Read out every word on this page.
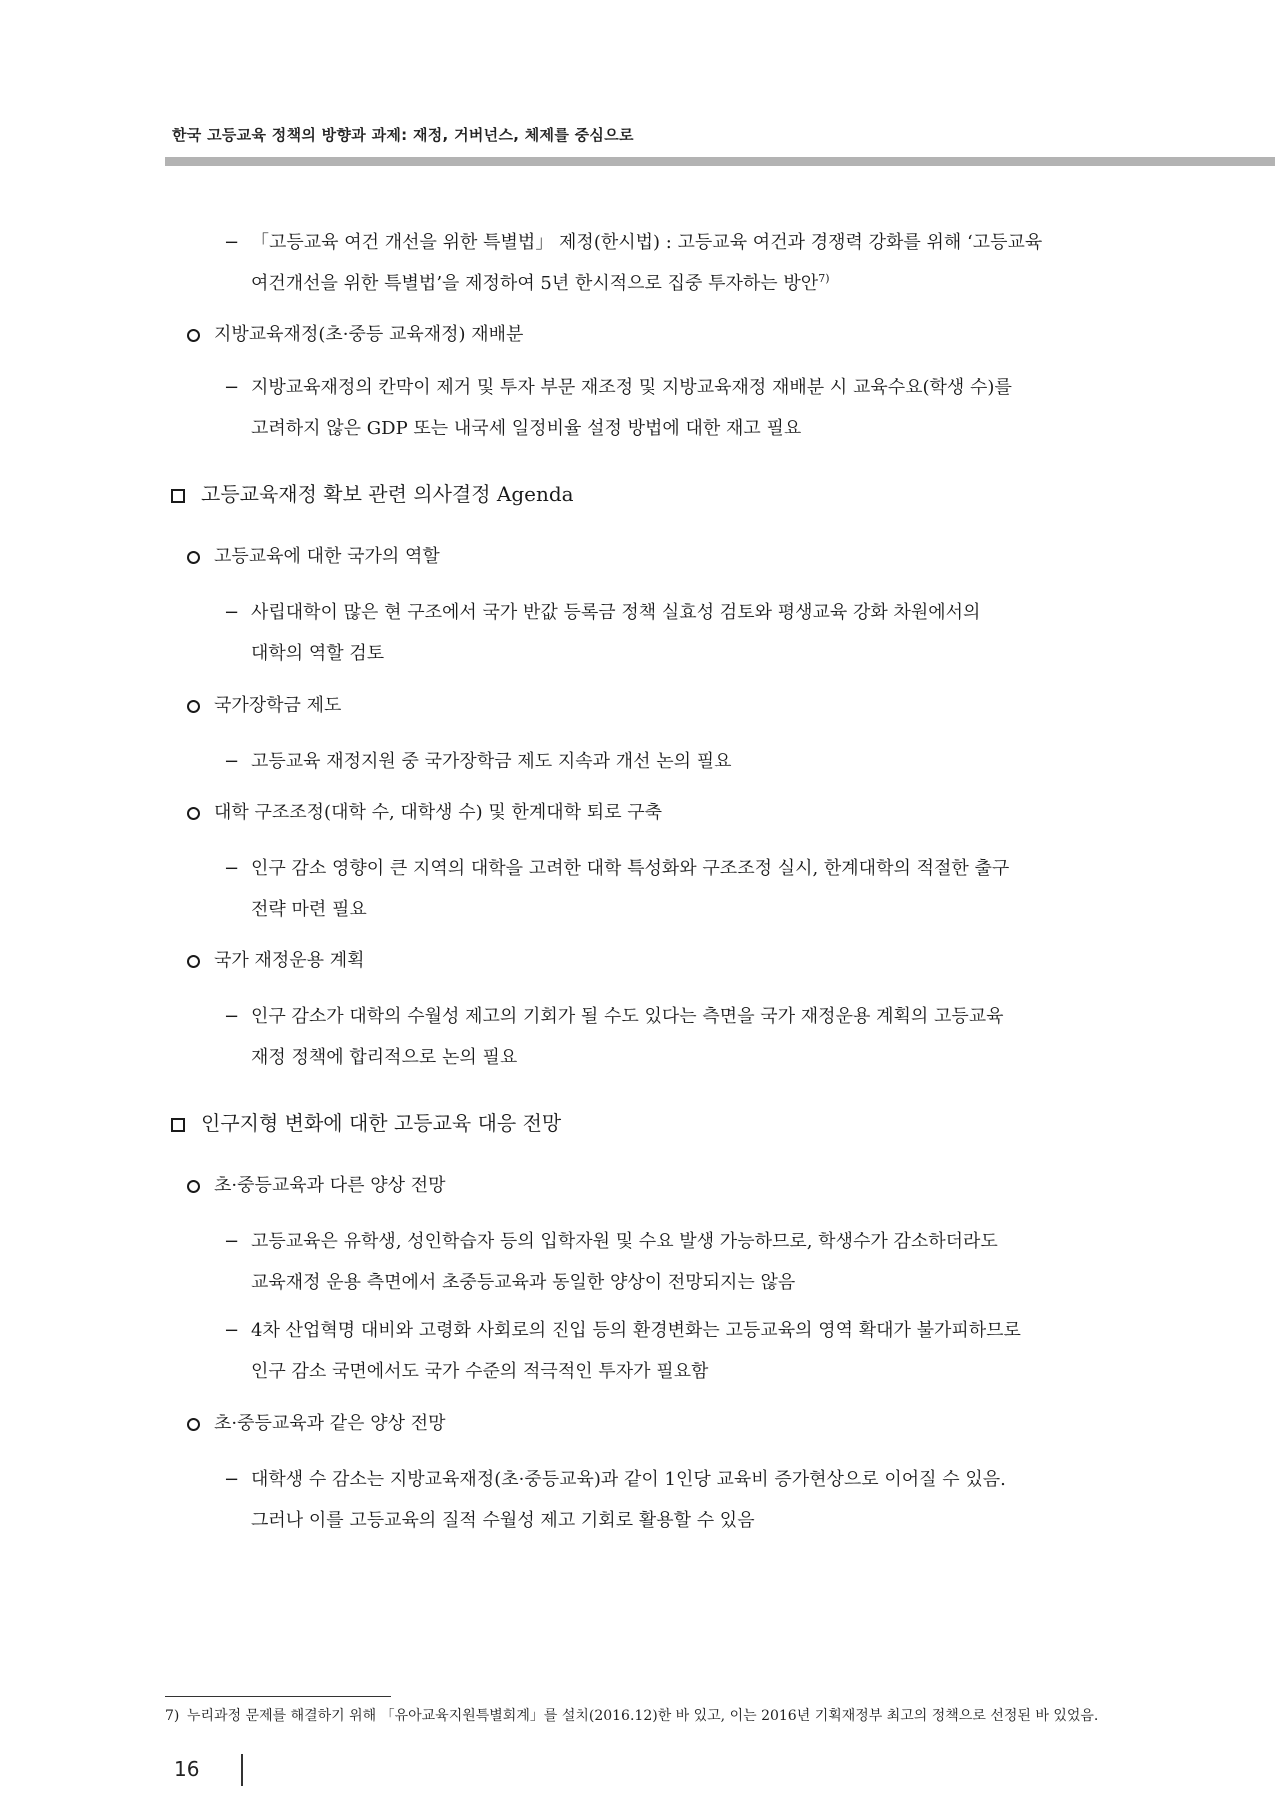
한국 고등교육 정책의 방향과 과제: 재정, 거버넌스, 체제를 중심으로
− 「고등교육 여건 개선을 위한 특별법」 제정(한시법) : 고등교육 여건과 경쟁력 강화를 위해 ‘고등교육
여건개선을 위한 특별법’을 제정하여 5년 한시적으로 집중 투자하는 방안$^{7)}$
지방교육재정(초·중등 교육재정) 재배분
− 지방교육재정의 칸막이 제거 및 투자 부문 재조정 및 지방교육재정 재배분 시 교육수요(학생 수)를
고려하지 않은 GDP 또는 내국세 일정비율 설정 방법에 대한 재고 필요
고등교육재정 확보 관련 의사결정 Agenda
고등교육에 대한 국가의 역할
− 사립대학이 많은 현 구조에서 국가 반값 등록금 정책 실효성 검토와 평생교육 강화 차원에서의
대학의 역할 검토
국가장학금 제도
− 고등교육 재정지원 중 국가장학금 제도 지속과 개선 논의 필요
대학 구조조정(대학 수, 대학생 수) 및 한계대학 퇴로 구축
− 인구 감소 영향이 큰 지역의 대학을 고려한 대학 특성화와 구조조정 실시, 한계대학의 적절한 출구
전략 마련 필요
국가 재정운용 계획
− 인구 감소가 대학의 수월성 제고의 기회가 될 수도 있다는 측면을 국가 재정운용 계획의 고등교육
재정 정책에 합리적으로 논의 필요
인구지형 변화에 대한 고등교육 대응 전망
초·중등교육과 다른 양상 전망
− 고등교육은 유학생, 성인학습자 등의 입학자원 및 수요 발생 가능하므로, 학생수가 감소하더라도
교육재정 운용 측면에서 초중등교육과 동일한 양상이 전망되지는 않음
− 4차 산업혁명 대비와 고령화 사회로의 진입 등의 환경변화는 고등교육의 영역 확대가 불가피하므로
인구 감소 국면에서도 국가 수준의 적극적인 투자가 필요함
초·중등교육과 같은 양상 전망
− 대학생 수 감소는 지방교육재정(초·중등교육)과 같이 1인당 교육비 증가현상으로 이어질 수 있음.
그러나 이를 고등교육의 질적 수월성 제고 기회로 활용할 수 있음
7) 누리과정 문제를 해결하기 위해 「유아교육지원특별회계」를 설치(2016.12)한 바 있고, 이는 2016년 기획재정부 최고의 정책으로 선정된 바 있었음.
16
